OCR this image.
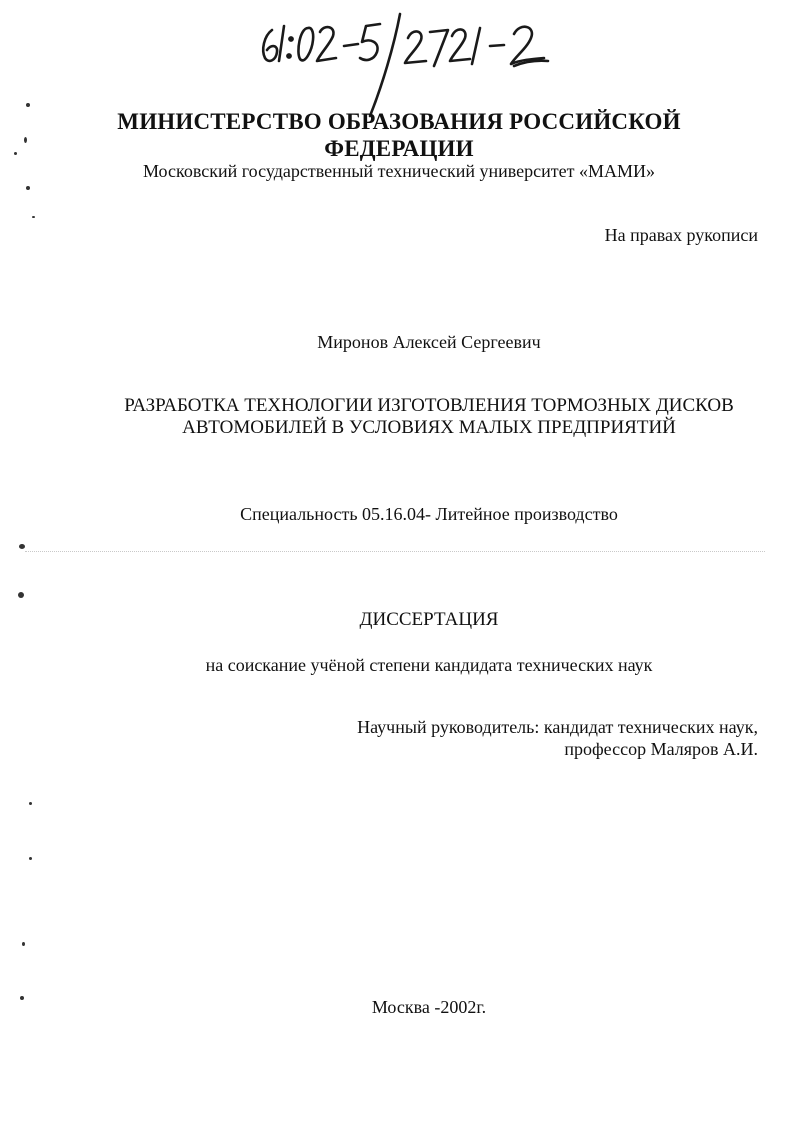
МИНИСТЕРСТВО ОБРАЗОВАНИЯ РОССИЙСКОЙ
ФЕДЕРАЦИИ
Московский государственный технический университет «МАМИ»
На правах рукописи
Миронов Алексей Сергеевич
РАЗРАБОТКА ТЕХНОЛОГИИ ИЗГОТОВЛЕНИЯ ТОРМОЗНЫХ ДИСКОВ
АВТОМОБИЛЕЙ В УСЛОВИЯХ МАЛЫХ ПРЕДПРИЯТИЙ
Специальность 05.16.04- Литейное производство
ДИССЕРТАЦИЯ
на соискание учёной степени кандидата технических наук
Научный руководитель: кандидат технических наук,
профессор Маляров А.И.
Москва -2002г.
